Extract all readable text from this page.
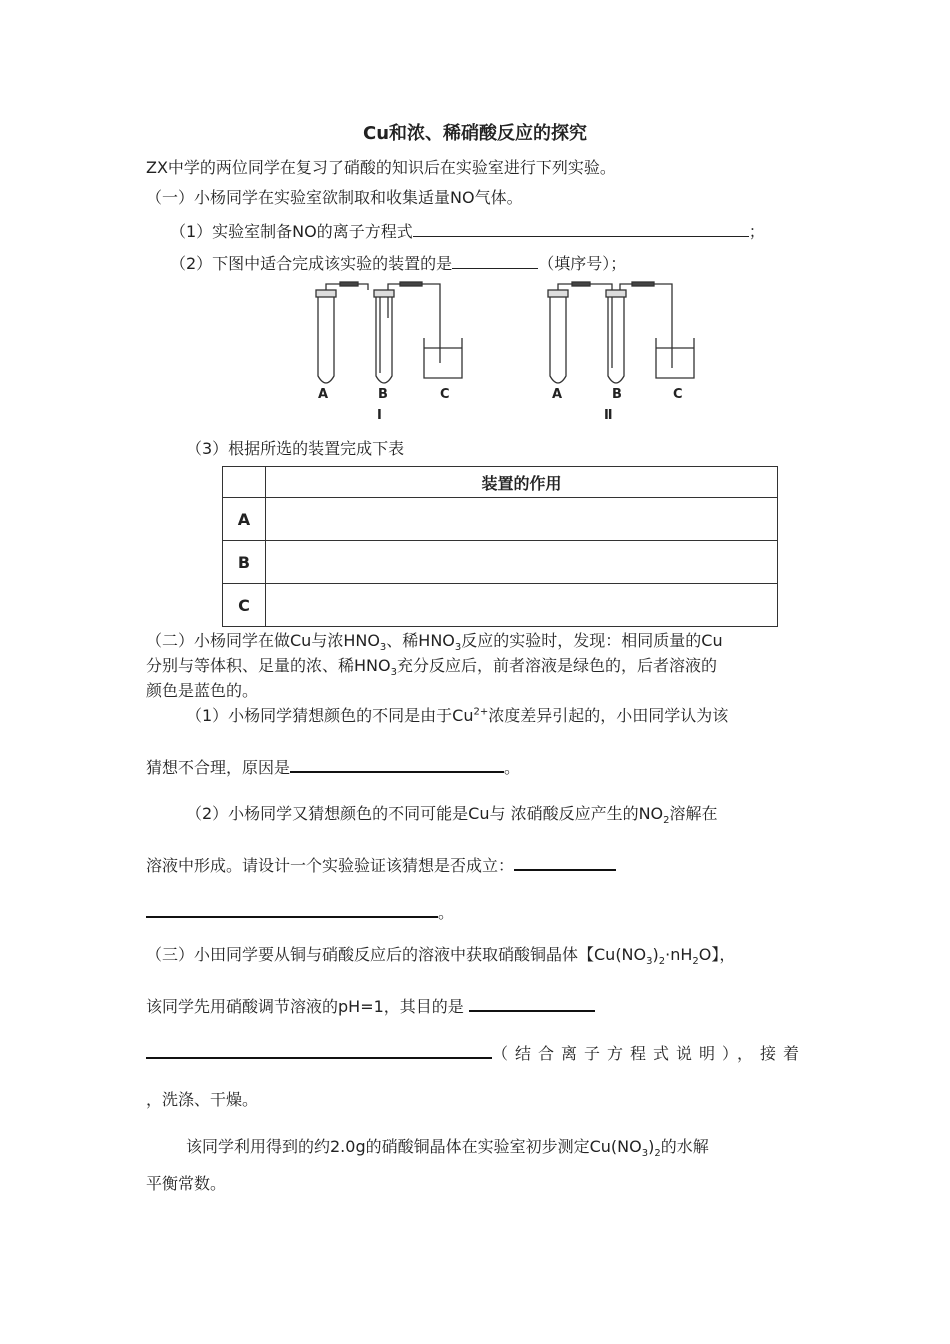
Cu和浓、稀硝酸反应的探究
ZX中学的两位同学在复习了硝酸的知识后在实验室进行下列实验。
（一）小杨同学在实验室欲制取和收集适量NO气体。
（1）实验室制备NO的离子方程式	；
（2）下图中适合完成该实验的装置的是	（填序号）；
A	B	C
Ⅰ
A	B	C
Ⅱ
（3）根据所选的装置完成下表
	装置的作用
A	
B	
C	
（二）小杨同学在做Cu与浓$HNO_3$、稀$HNO_3$反应的实验时，发现：相同质量的Cu
分别与等体积、足量的浓、稀$HNO_3$充分反应后，前者溶液是绿色的，后者溶液的
颜色是蓝色的。
（1）小杨同学猜想颜色的不同是由于$Cu^{2+}$浓度差异引起的，小田同学认为该
猜想不合理，原因是	。
（2）小杨同学又猜想颜色的不同可能是Cu与 浓硝酸反应产生的$NO_2$溶解在
溶液中形成。请设计一个实验验证该猜想是否成立：
。
（三）小田同学要从铜与硝酸反应后的溶液中获取硝酸铜晶体【$Cu(NO_3)_2\cdot nH_2O$】，
该同学先用硝酸调节溶液的pH=1，其目的是
（结合离子方程式说明），接着
，洗涤、干燥。
该同学利用得到的约2.0g的硝酸铜晶体在实验室初步测定$Cu(NO_3)_2$的水解
平衡常数。
